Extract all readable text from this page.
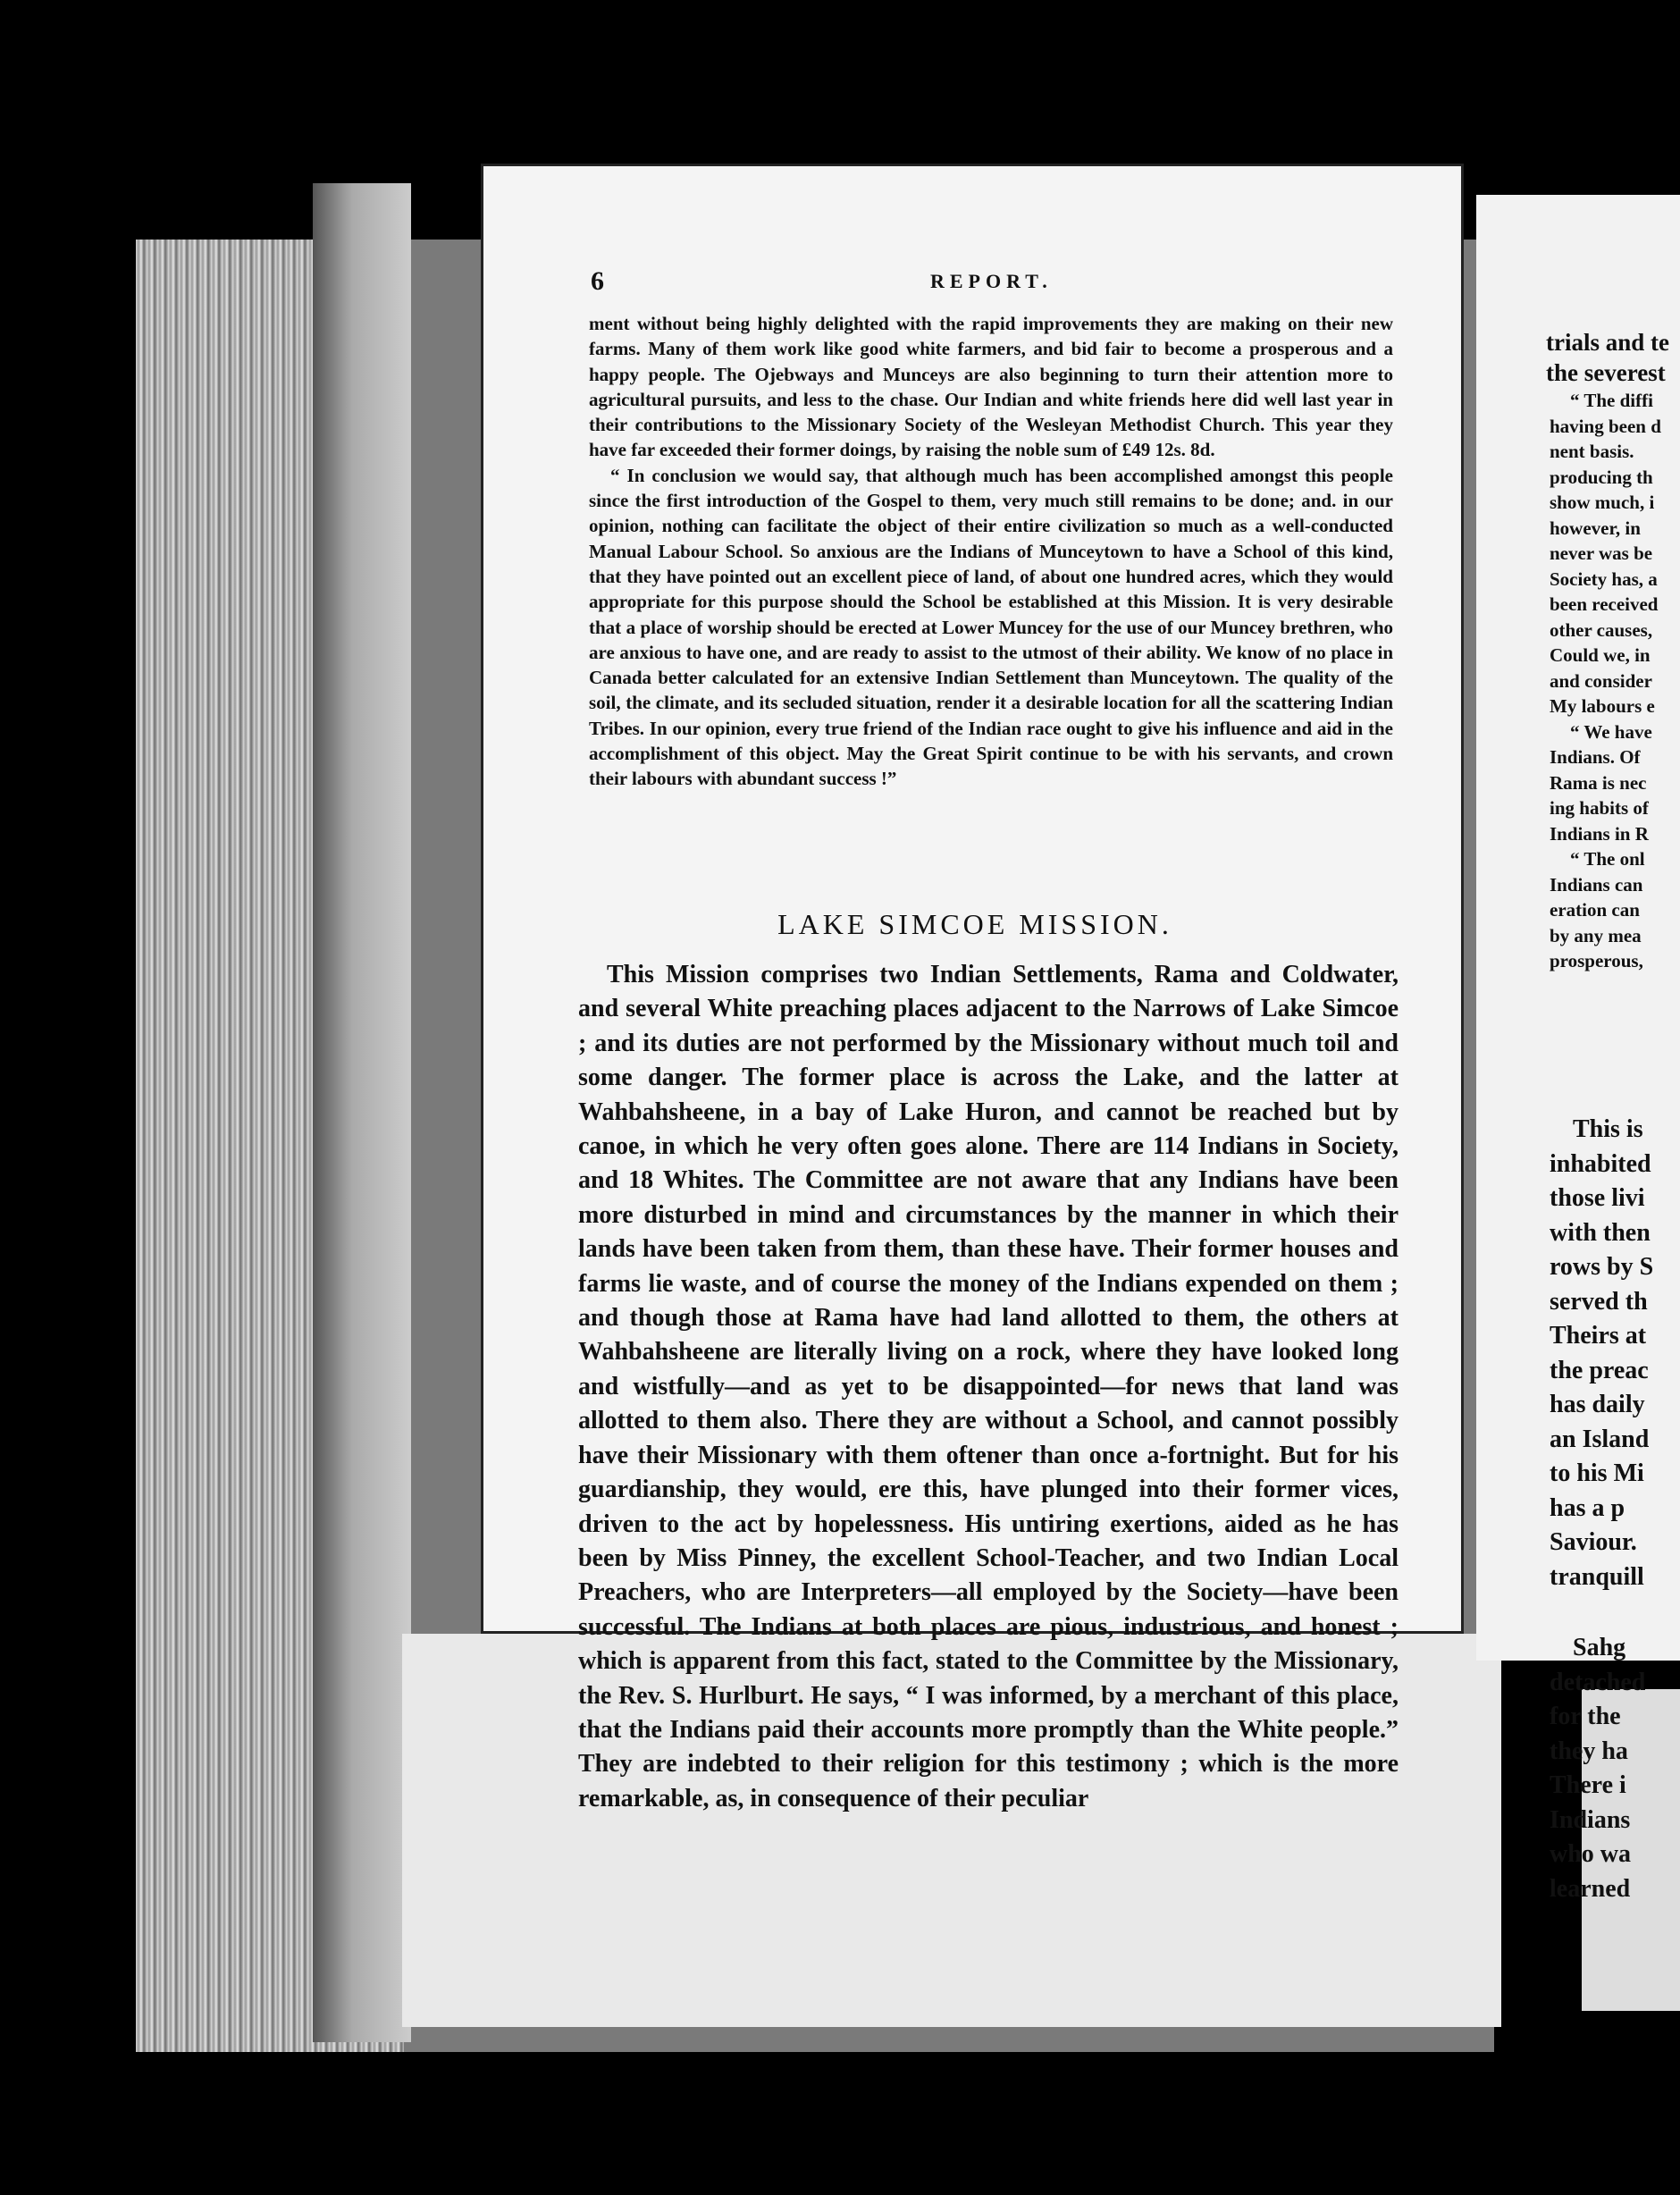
6	REPORT.

ment without being highly delighted with the rapid improvements they are making on their new farms. Many of them work like good white farmers, and bid fair to become a prosperous and a happy people. The Ojebways and Munceys are also beginning to turn their attention more to agricultural pursuits, and less to the chase. Our Indian and white friends here did well last year in their contributions to the Missionary Society of the Wesleyan Methodist Church. This year they have far exceeded their former doings, by raising the noble sum of £49 12s. 8d.

“ In conclusion we would say, that although much has been accomplished amongst this people since the first introduction of the Gospel to them, very much still remains to be done; and. in our opinion, nothing can facilitate the object of their entire civilization so much as a well-conducted Manual Labour School. So anxious are the Indians of Munceytown to have a School of this kind, that they have pointed out an excellent piece of land, of about one hundred acres, which they would appropriate for this purpose should the School be established at this Mission. It is very desirable that a place of worship should be erected at Lower Muncey for the use of our Muncey brethren, who are anxious to have one, and are ready to assist to the utmost of their ability. We know of no place in Canada better calculated for an extensive Indian Settlement than Munceytown. The quality of the soil, the climate, and its secluded situation, render it a desirable location for all the scattering Indian Tribes. In our opinion, every true friend of the Indian race ought to give his influence and aid in the accomplishment of this object. May the Great Spirit continue to be with his servants, and crown their labours with abundant success !”

LAKE SIMCOE MISSION.

This Mission comprises two Indian Settlements, Rama and Coldwater, and several White preaching places adjacent to the Narrows of Lake Simcoe ; and its duties are not performed by the Missionary without much toil and some danger. The former place is across the Lake, and the latter at Wahbahsheene, in a bay of Lake Huron, and cannot be reached but by canoe, in which he very often goes alone. There are 114 Indians in Society, and 18 Whites. The Committee are not aware that any Indians have been more disturbed in mind and circumstances by the manner in which their lands have been taken from them, than these have. Their former houses and farms lie waste, and of course the money of the Indians expended on them ; and though those at Rama have had land allotted to them, the others at Wahbahsheene are literally living on a rock, where they have looked long and wistfully—and as yet to be disappointed—for news that land was allotted to them also. There they are without a School, and cannot possibly have their Missionary with them oftener than once a-fortnight. But for his guardianship, they would, ere this, have plunged into their former vices, driven to the act by hopelessness. His untiring exertions, aided as he has been by Miss Pinney, the excellent School-Teacher, and two Indian Local Preachers, who are Interpreters—all employed by the Society—have been successful. The Indians at both places are pious, industrious, and honest ; which is apparent from this fact, stated to the Committee by the Missionary, the Rev. S. Hurlburt. He says, “ I was informed, by a merchant of this place, that the Indians paid their accounts more promptly than the White people.” They are indebted to their religion for this testimony ; which is the more remarkable, as, in consequence of their peculiar

trials and te
the severest
“ The diffi
having been d
nent basis.
producing th
show much, i
however, in
never was be
Society has, a
been received
other causes,
Could we, in
and consider
My labours e
“ We have
Indians. Of
Rama is nec
ing habits of
Indians in R
“ The onl
Indians can
eration can
by any mea
prosperous,
This is
inhabited
those livi
with then
rows by S
served th
Theirs at
the preac
has daily
an Island
to his Mi
has a p
Saviour.
tranquill
Sahg
detached
for the
they ha
There i
Indians
who wa
learned
